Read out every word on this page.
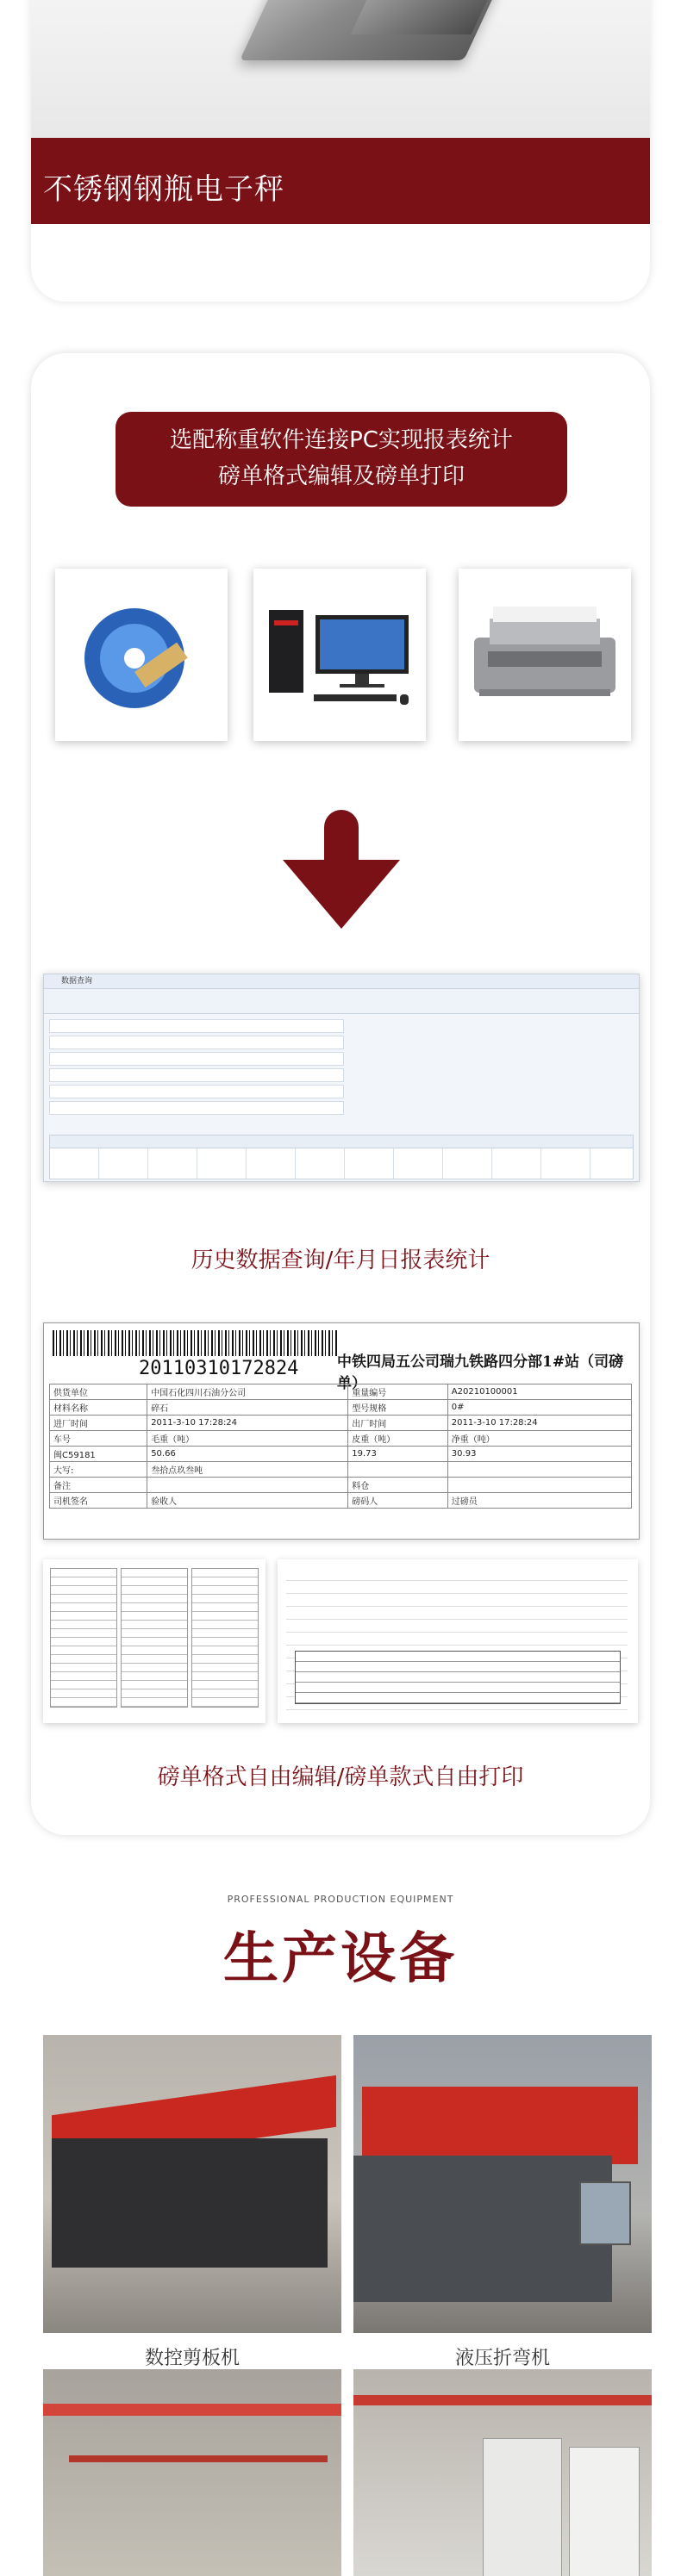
不锈钢钢瓶电子秤
选配称重软件连接PC实现报表统计
磅单格式编辑及磅单打印
数据查询
历史数据查询/年月日报表统计
20110310172824	中铁四局五公司瑞九铁路四分部1#站（司磅单）
供货单位	中国石化四川石油分公司	重量编号	A20210100001
材料名称	碎石	型号规格	0#
进厂时间	2011-3-10 17:28:24	出厂时间	2011-3-10 17:28:24
车号	毛重（吨）	皮重（吨）	净重（吨）
闽C59181	50.66	19.73	30.93
大写:	叁拾点玖叁吨		
备注		料仓	
司机签名	验收人	磅码人	过磅员
磅单格式自由编辑/磅单款式自由打印
PROFESSIONAL PRODUCTION EQUIPMENT
生产设备
数控剪板机	液压折弯机
